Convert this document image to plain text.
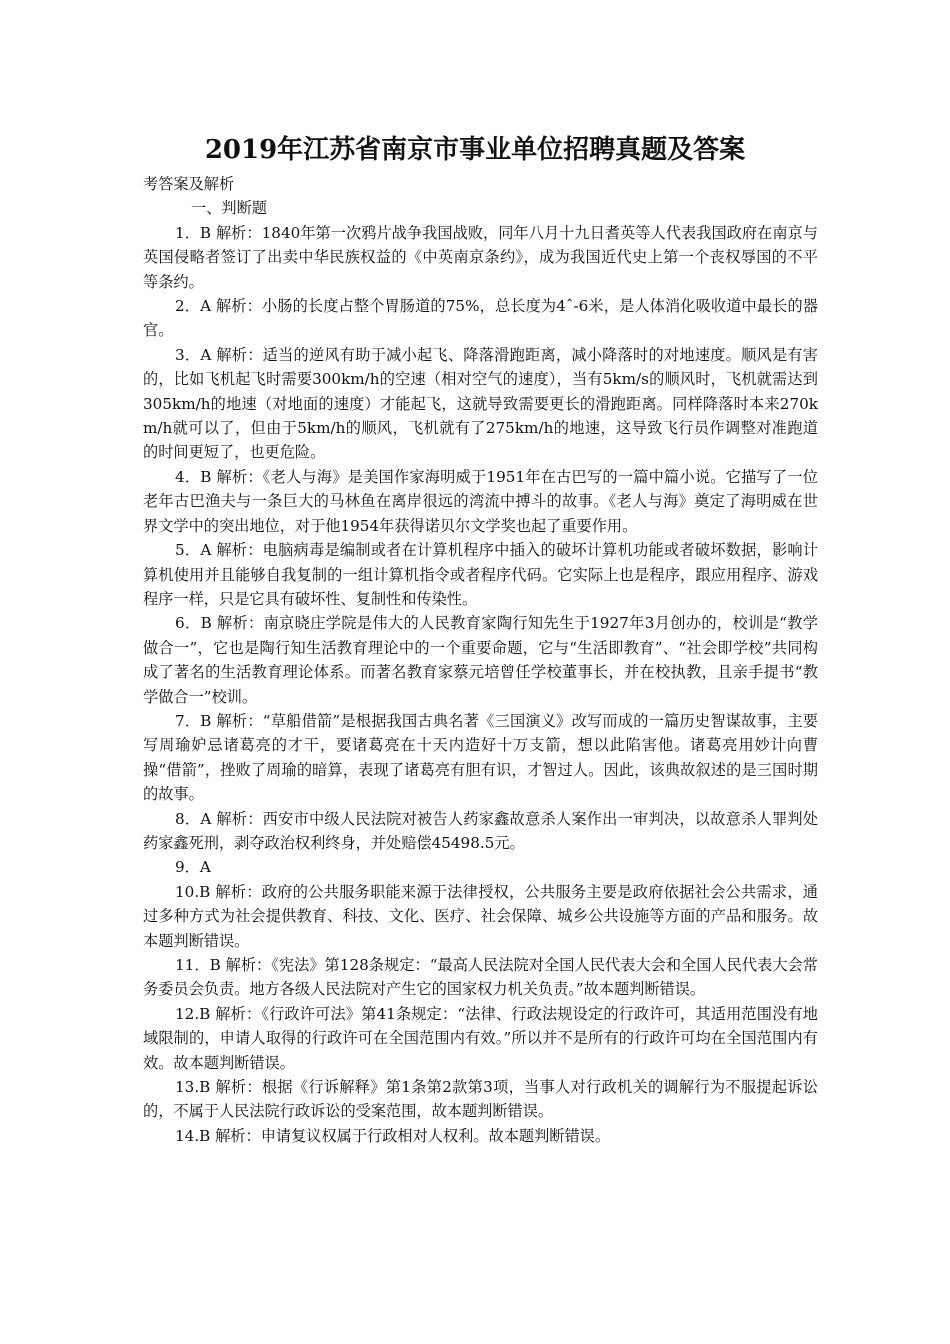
2019年江苏省南京市事业单位招聘真题及答案

考答案及解析

一、判断题

1．B 解析：1840年第一次鸦片战争我国战败，同年八月十九日耆英等人代表我国政府在南京与英国侵略者签订了出卖中华民族权益的《中英南京条约》，成为我国近代史上第一个丧权辱国的不平等条约。

2．A 解析：小肠的长度占整个胃肠道的75%，总长度为4ˆ-6米，是人体消化吸收道中最长的器官。

3．A 解析：适当的逆风有助于减小起飞、降落滑跑距离，减小降落时的对地速度。顺风是有害的，比如飞机起飞时需要300km/h的空速（相对空气的速度），当有5km/s的顺风时，飞机就需达到305km/h的地速（对地面的速度）才能起飞，这就导致需要更长的滑跑距离。同样降落时本来270km/h就可以了，但由于5km/h的顺风，飞机就有了275km/h的地速，这导致飞行员作调整对准跑道的时间更短了，也更危险。

4．B 解析：《老人与海》是美国作家海明威于1951年在古巴写的一篇中篇小说。它描写了一位老年古巴渔夫与一条巨大的马林鱼在离岸很远的湾流中搏斗的故事。《老人与海》奠定了海明威在世界文学中的突出地位，对于他1954年获得诺贝尔文学奖也起了重要作用。

5．A 解析：电脑病毒是编制或者在计算机程序中插入的破坏计算机功能或者破坏数据，影响计算机使用并且能够自我复制的一组计算机指令或者程序代码。它实际上也是程序，跟应用程序、游戏程序一样，只是它具有破坏性、复制性和传染性。

6．B 解析：南京晓庄学院是伟大的人民教育家陶行知先生于1927年3月创办的，校训是“教学做合一”，它也是陶行知生活教育理论中的一个重要命题，它与“生活即教育”、“社会即学校”共同构成了著名的生活教育理论体系。而著名教育家蔡元培曾任学校董事长，并在校执教，且亲手提书“教学做合一”校训。

7．B 解析：“草船借箭”是根据我国古典名著《三国演义》改写而成的一篇历史智谋故事，主要写周瑜妒忌诸葛亮的才干，要诸葛亮在十天内造好十万支箭，想以此陷害他。诸葛亮用妙计向曹操“借箭”，挫败了周瑜的暗算，表现了诸葛亮有胆有识，才智过人。因此，该典故叙述的是三国时期的故事。

8．A 解析：西安市中级人民法院对被告人药家鑫故意杀人案作出一审判决，以故意杀人罪判处药家鑫死刑，剥夺政治权利终身，并处赔偿45498.5元。

9．A

10.B 解析：政府的公共服务职能来源于法律授权，公共服务主要是政府依据社会公共需求，通过多种方式为社会提供教育、科技、文化、医疗、社会保障、城乡公共设施等方面的产品和服务。故本题判断错误。

11．B 解析：《宪法》第128条规定：“最高人民法院对全国人民代表大会和全国人民代表大会常务委员会负责。地方各级人民法院对产生它的国家权力机关负责。”故本题判断错误。

12.B 解析：《行政许可法》第41条规定：“法律、行政法规设定的行政许可，其适用范围没有地域限制的，申请人取得的行政许可在全国范围内有效。”所以并不是所有的行政许可均在全国范围内有效。故本题判断错误。

13.B 解析：根据《行诉解释》第1条第2款第3项，当事人对行政机关的调解行为不服提起诉讼的，不属于人民法院行政诉讼的受案范围，故本题判断错误。

14.B 解析：申请复议权属于行政相对人权利。故本题判断错误。
